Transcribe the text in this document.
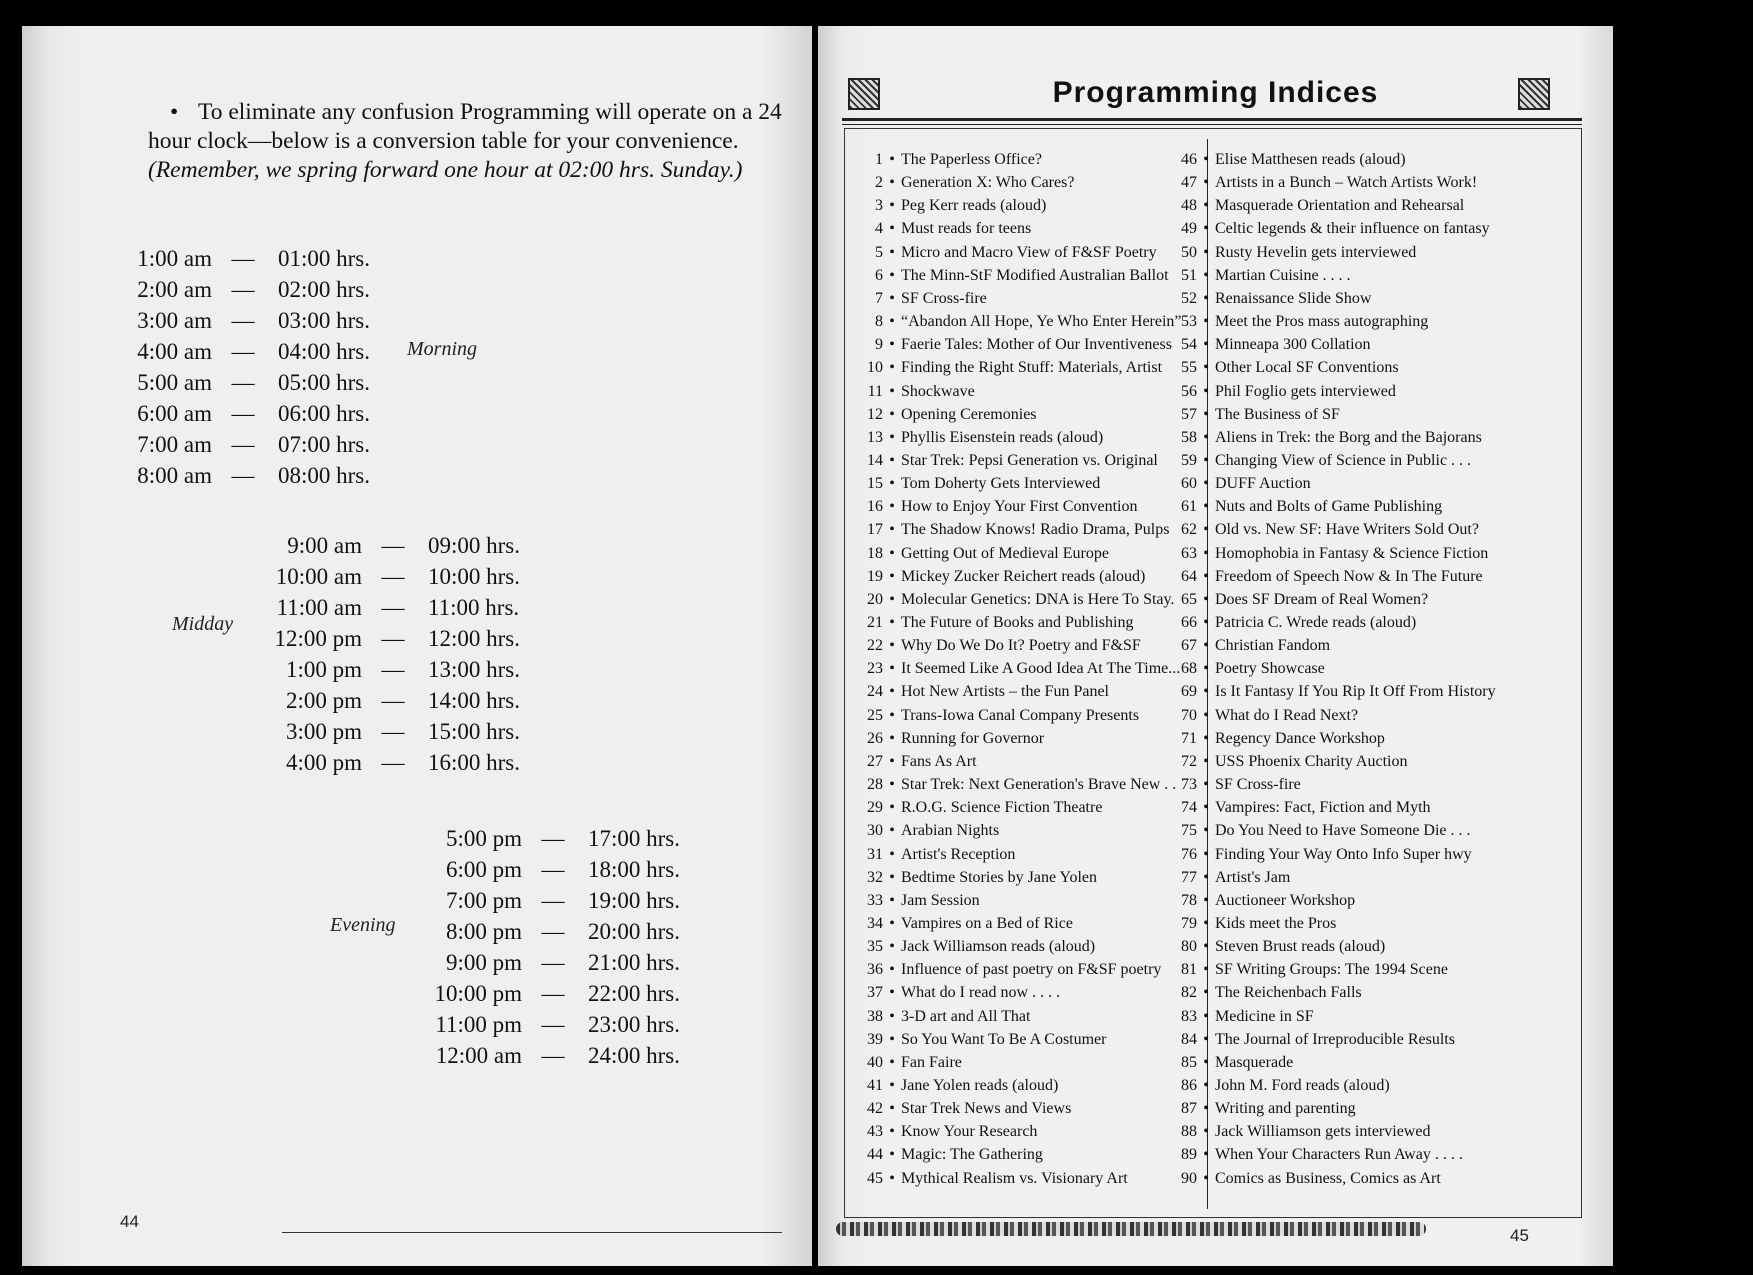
• To eliminate any confusion Programming will operate on a 24 hour clock—below is a conversion table for your convenience.
(Remember, we spring forward one hour at 02:00 hrs. Sunday.)
1:00 am — 01:00 hrs.
2:00 am — 02:00 hrs.
3:00 am — 03:00 hrs.
4:00 am — 04:00 hrs.
5:00 am — 05:00 hrs.
6:00 am — 06:00 hrs.
7:00 am — 07:00 hrs.
8:00 am — 08:00 hrs.
Morning
9:00 am — 09:00 hrs.
10:00 am — 10:00 hrs.
11:00 am — 11:00 hrs.
12:00 pm — 12:00 hrs.
1:00 pm — 13:00 hrs.
2:00 pm — 14:00 hrs.
3:00 pm — 15:00 hrs.
4:00 pm — 16:00 hrs.
Midday
5:00 pm — 17:00 hrs.
6:00 pm — 18:00 hrs.
7:00 pm — 19:00 hrs.
8:00 pm — 20:00 hrs.
9:00 pm — 21:00 hrs.
10:00 pm — 22:00 hrs.
11:00 pm — 23:00 hrs.
12:00 am — 24:00 hrs.
Evening
44
Programming Indices
1 • The Paperless Office?
2 • Generation X: Who Cares?
3 • Peg Kerr reads (aloud)
4 • Must reads for teens
5 • Micro and Macro View of F&SF Poetry
6 • The Minn-StF Modified Australian Ballot
7 • SF Cross-fire
8 • “Abandon All Hope, Ye Who Enter Herein”
9 • Faerie Tales: Mother of Our Inventiveness
10 • Finding the Right Stuff: Materials, Artist
11 • Shockwave
12 • Opening Ceremonies
13 • Phyllis Eisenstein reads (aloud)
14 • Star Trek: Pepsi Generation vs. Original
15 • Tom Doherty Gets Interviewed
16 • How to Enjoy Your First Convention
17 • The Shadow Knows! Radio Drama, Pulps
18 • Getting Out of Medieval Europe
19 • Mickey Zucker Reichert reads (aloud)
20 • Molecular Genetics: DNA is Here To Stay.
21 • The Future of Books and Publishing
22 • Why Do We Do It? Poetry and F&SF
23 • It Seemed Like A Good Idea At The Time...
24 • Hot New Artists – the Fun Panel
25 • Trans-Iowa Canal Company Presents
26 • Running for Governor
27 • Fans As Art
28 • Star Trek: Next Generation's Brave New . .
29 • R.O.G. Science Fiction Theatre
30 • Arabian Nights
31 • Artist's Reception
32 • Bedtime Stories by Jane Yolen
33 • Jam Session
34 • Vampires on a Bed of Rice
35 • Jack Williamson reads (aloud)
36 • Influence of past poetry on F&SF poetry
37 • What do I read now . . . .
38 • 3-D art and All That
39 • So You Want To Be A Costumer
40 • Fan Faire
41 • Jane Yolen reads (aloud)
42 • Star Trek News and Views
43 • Know Your Research
44 • Magic: The Gathering
45 • Mythical Realism vs. Visionary Art
46 • Elise Matthesen reads (aloud)
47 • Artists in a Bunch – Watch Artists Work!
48 • Masquerade Orientation and Rehearsal
49 • Celtic legends & their influence on fantasy
50 • Rusty Hevelin gets interviewed
51 • Martian Cuisine . . . .
52 • Renaissance Slide Show
53 • Meet the Pros mass autographing
54 • Minneapa 300 Collation
55 • Other Local SF Conventions
56 • Phil Foglio gets interviewed
57 • The Business of SF
58 • Aliens in Trek: the Borg and the Bajorans
59 • Changing View of Science in Public . . .
60 • DUFF Auction
61 • Nuts and Bolts of Game Publishing
62 • Old vs. New SF: Have Writers Sold Out?
63 • Homophobia in Fantasy & Science Fiction
64 • Freedom of Speech Now & In The Future
65 • Does SF Dream of Real Women?
66 • Patricia C. Wrede reads (aloud)
67 • Christian Fandom
68 • Poetry Showcase
69 • Is It Fantasy If You Rip It Off From History
70 • What do I Read Next?
71 • Regency Dance Workshop
72 • USS Phoenix Charity Auction
73 • SF Cross-fire
74 • Vampires: Fact, Fiction and Myth
75 • Do You Need to Have Someone Die . . .
76 • Finding Your Way Onto Info Super hwy
77 • Artist's Jam
78 • Auctioneer Workshop
79 • Kids meet the Pros
80 • Steven Brust reads (aloud)
81 • SF Writing Groups: The 1994 Scene
82 • The Reichenbach Falls
83 • Medicine in SF
84 • The Journal of Irreproducible Results
85 • Masquerade
86 • John M. Ford reads (aloud)
87 • Writing and parenting
88 • Jack Williamson gets interviewed
89 • When Your Characters Run Away . . . .
90 • Comics as Business, Comics as Art
45
